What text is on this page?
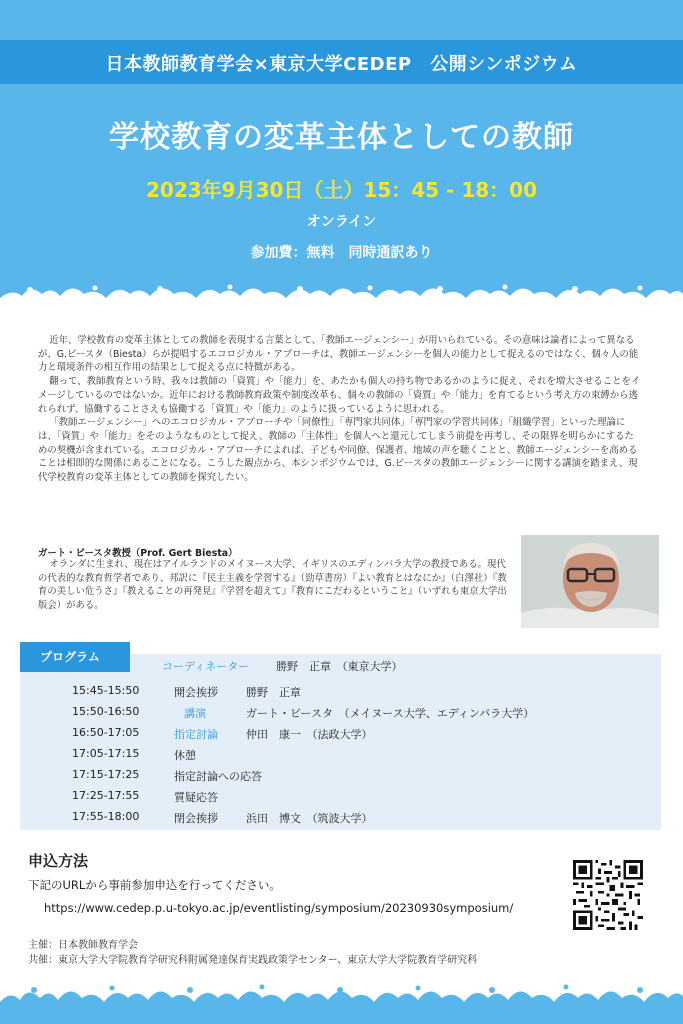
日本教師教育学会×東京大学CEDEP　公開シンポジウム
学校教育の変革主体としての教師
2023年9月30日（土）15：45 - 18：00
オンライン
参加費：無料　同時通訳あり

近年、学校教育の変革主体としての教師を表現する言葉として、「教師エージェンシー」が用いられている。その意味は論者によって異なるが、G.ビースタ（Biesta）らが提唱するエコロジカル・アプローチは、教師エージェンシーを個人の能力として捉えるのではなく、個々人の能力と環境条件の相互作用の結果として捉える点に特徴がある。

翻って、教師教育という時、我々は教師の「資質」や「能力」を、あたかも個人の持ち物であるかのように捉え、それを増大させることをイメージしているのではないか。近年における教師教育政策や制度改革も、個々の教師の「資質」や「能力」を育てるという考え方の束縛から逃れられず、協働することさえも協働する「資質」や「能力」のように扱っているように思われる。

「教師エージェンシー」へのエコロジカル・アプローチや「同僚性」「専門家共同体」「専門家の学習共同体」「組織学習」といった理論には、「資質」や「能力」をそのようなものとして捉え、教師の「主体性」を個人へと還元してしまう前提を再考し、その限界を明らかにするための契機が含まれている。エコロジカル・アプローチによれば、子どもや同僚、保護者、地域の声を聴くことと、教師エージェンシーを高めることは相即的な関係にあることになる。こうした観点から、本シンポジウムでは、G.ビースタの教師エージェンシーに関する講演を踏まえ、現代学校教育の変革主体としての教師を探究したい。

ガート・ビースタ教授（Prof. Gert Biesta）
オランダに生まれ、現在はアイルランドのメイヌース大学、イギリスのエディンバラ大学の教授である。現代の代表的な教育哲学者であり、邦訳に『民主主義を学習する』（勁草書房）『よい教育とはなにか』（白澤社）『教育の美しい危うさ』『教えることの再発見』『学習を超えて』『教育にこだわるということ』（いずれも東京大学出版会）がある。
プログラム
コーディネーター 勝野　正章　（東京大学）
15:45-15:50	開会挨拶	勝野　正章
15:50-16:50	講演	ガート・ビースタ　（メイヌース大学、エディンバラ大学）
16:50-17:05	指定討論	仲田　康一　（法政大学）
17:05-17:15	休憩
17:15-17:25	指定討論への応答
17:25-17:55	質疑応答
17:55-18:00	閉会挨拶	浜田　博文　（筑波大学）
申込方法
下記のURLから事前参加申込を行ってください。
https://www.cedep.p.u-tokyo.ac.jp/eventlisting/symposium/20230930symposium/
主催：日本教師教育学会
共催：東京大学大学院教育学研究科附属発達保育実践政策学センター、東京大学大学院教育学研究科
